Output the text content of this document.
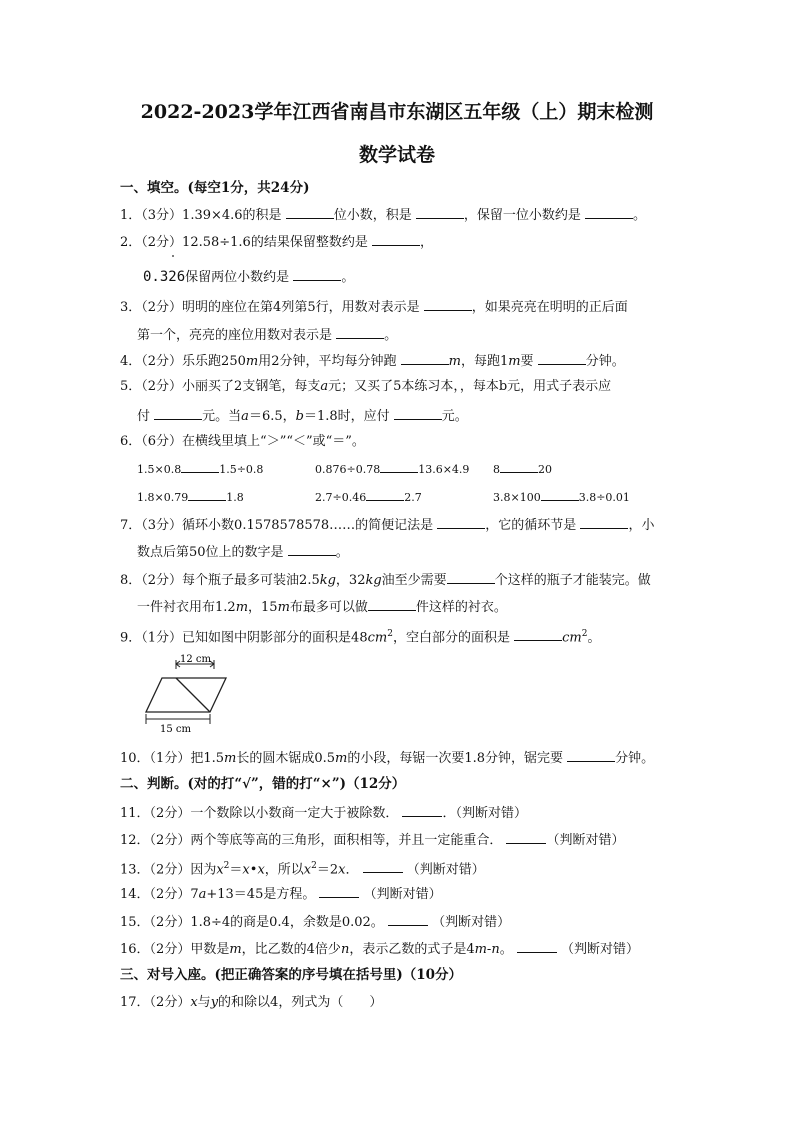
2022-2023学年江西省南昌市东湖区五年级（上）期末检测
数学试卷
一、填空。(每空1分，共24分)
1．（3分）1.39×4.6的积是	位小数，积是	，保留一位小数约是	。
2．（2分）12.58÷1.6的结果保留整数约是	，
0.326保留两位小数约是	。
3．（2分）明明的座位在第4列第5行，用数对表示是	，如果亮亮在明明的正后面
第一个，亮亮的座位用数对表示是	。
4．（2分）乐乐跑250m用2分钟，平均每分钟跑	m，每跑1m要	分钟。
5．（2分）小丽买了2支钢笔，每支a元；又买了5本练习本，，每本b元，用式子表示应
付	元。当a＝6.5，b＝1.8时，应付	元。
6．（6分）在横线里填上“＞”“＜”或“＝”。
1.5×0.8	1.5÷0.8	0.876÷0.78	13.6×4.9 8	20
1.8×0.79	1.8	2.7÷0.46	2.7	3.8×100	3.8÷0.01
7．（3分）循环小数0.1578578578……的简便记法是	，它的循环节是	，小
数点后第50位上的数字是	。
8．（2分）每个瓶子最多可装油2.5kg，32kg油至少需要	个这样的瓶子才能装完。做
一件衬衣用布1.2m，15m布最多可以做	件这样的衬衣。
9．（1分）已知如图中阴影部分的面积是$48cm^2$，空白部分的面积是	$cm^2$。
12 cm
15 cm
10．（1分）把1.5m长的圆木锯成0.5m的小段，每锯一次要1.8分钟，锯完要	分钟。
二、判断。(对的打“√”，错的打“×”)（12分）
11．（2分）一个数除以小数商一定大于被除数．	．（判断对错）
12．（2分）两个等底等高的三角形，面积相等，并且一定能重合．	（判断对错）
13．（2分）因为$x^2=x•x$，所以$x^2=2x$．	（判断对错）
14．（2分）7a+13＝45是方程。	（判断对错）
15．（2分）1.8÷4的商是0.4，余数是0.02。	（判断对错）
16．（2分）甲数是m，比乙数的4倍少n，表示乙数的式子是4m-n。	（判断对错）
三、对号入座。(把正确答案的序号填在括号里)（10分）
17．（2分）x与y的和除以4，列式为（　　）
